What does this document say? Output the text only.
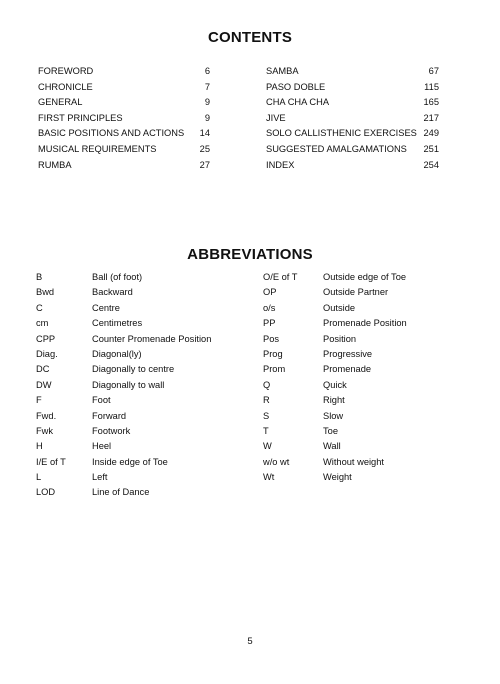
CONTENTS
FOREWORD	6
CHRONICLE	7
GENERAL	9
FIRST PRINCIPLES	9
BASIC POSITIONS AND ACTIONS 14
MUSICAL REQUIREMENTS	25
RUMBA	27
SAMBA	67
PASO DOBLE	115
CHA CHA CHA	165
JIVE	217
SOLO CALLISTHENIC EXERCISES 249
SUGGESTED AMALGAMATIONS 251
INDEX	254
ABBREVIATIONS
B	Ball (of foot)
Bwd	Backward
C	Centre
cm	Centimetres
CPP	Counter Promenade Position
Diag.	Diagonal(ly)
DC	Diagonally to centre
DW	Diagonally to wall
F	Foot
Fwd.	Forward
Fwk	Footwork
H	Heel
I/E of T	Inside edge of Toe
L	Left
LOD	Line of Dance
O/E of T	Outside edge of Toe
OP	Outside Partner
o/s	Outside
PP	Promenade Position
Pos	Position
Prog	Progressive
Prom	Promenade
Q	Quick
R	Right
S	Slow
T	Toe
W	Wall
w/o wt	Without weight
Wt	Weight
5
